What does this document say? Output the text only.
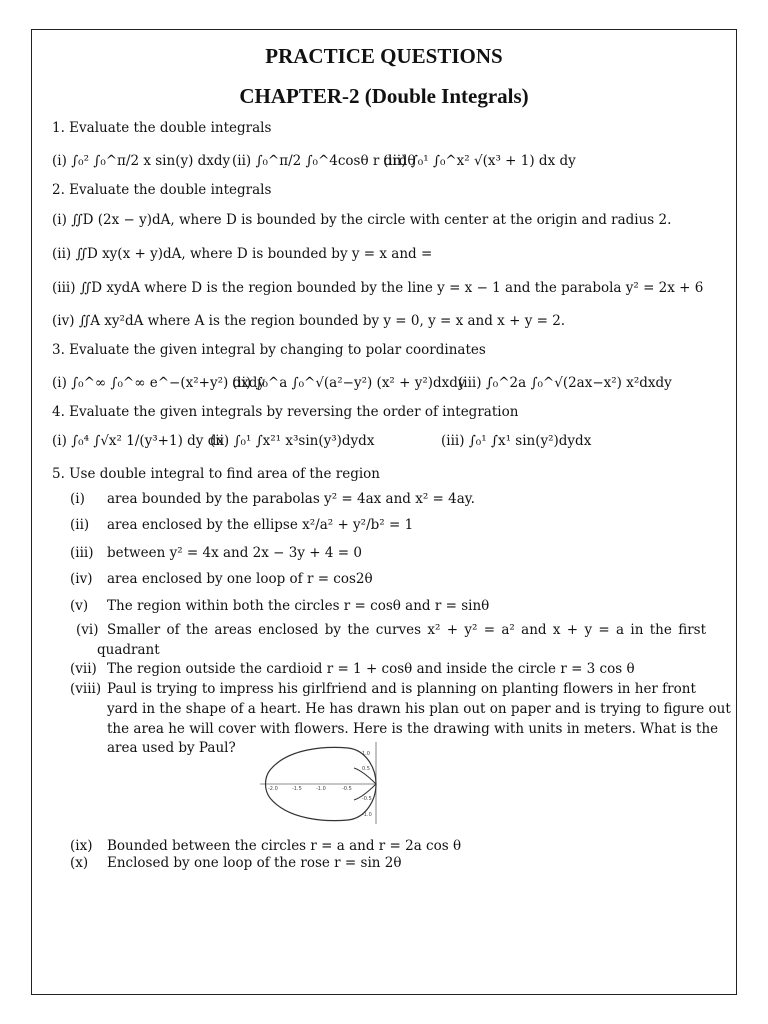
PRACTICE QUESTIONS
CHAPTER-2 (Double Integrals)
1. Evaluate the double integrals
(i) ∫₀² ∫₀^π/2 x sin(y) dxdy (ii) ∫₀^π/2 ∫₀^4cosθ r drdθ
(iii) ∫₀¹ ∫₀^x² √(x³ + 1) dx dy
2. Evaluate the double integrals
(i) ∬D (2x − y)dA, where D is bounded by the circle with center at the origin and radius 2.
(ii) ∬D xy(x + y)dA, where D is bounded by y = x and =
(iii) ∬D xydA where D is the region bounded by the line y = x − 1 and the parabola y² = 2x + 6
(iv) ∬A xy²dA where A is the region bounded by y = 0, y = x and x + y = 2.
3. Evaluate the given integral by changing to polar coordinates
(i) ∫₀^∞ ∫₀^∞ e^−(x²+y²) dxdy
(ii) ∫₀^a ∫₀^√(a²−y²) (x² + y²)dxdy
(iii) ∫₀^2a ∫₀^√(2ax−x²) x²dxdy
4. Evaluate the given integrals by reversing the order of integration
(i) ∫₀⁴ ∫√x² 1/(y³+1) dy dx
(ii) ∫₀¹ ∫x²¹ x³sin(y³)dydx	(iii) ∫₀¹ ∫x¹ sin(y²)dydx
5. Use double integral to find area of the region
(i) area bounded by the parabolas y² = 4ax and x² = 4ay.
(ii) area enclosed by the ellipse x²/a² + y²/b² = 1
(iii) between y² = 4x and 2x − 3y + 4 = 0
(iv) area enclosed by one loop of r = cos2θ
(v) The region within both the circles r = cosθ and r = sinθ
(vi) Smaller of the areas enclosed by the curves x² + y² = a² and x + y = a in the first
quadrant
(vii) The region outside the cardioid r = 1 + cosθ and inside the circle r = 3 cos θ
(viii) Paul is trying to impress his girlfriend and is planning on planting flowers in her front
yard in the shape of a heart. He has drawn his plan out on paper and is trying to figure out
the area he will cover with flowers. Here is the drawing with units in meters. What is the
area used by Paul?
-2.0	-1.5	-1.0	-0.5
1.0
0.5
-0.5
-1.0
(ix) Bounded between the circles r = a and r = 2a cos θ
(x) Enclosed by one loop of the rose r = sin 2θ
